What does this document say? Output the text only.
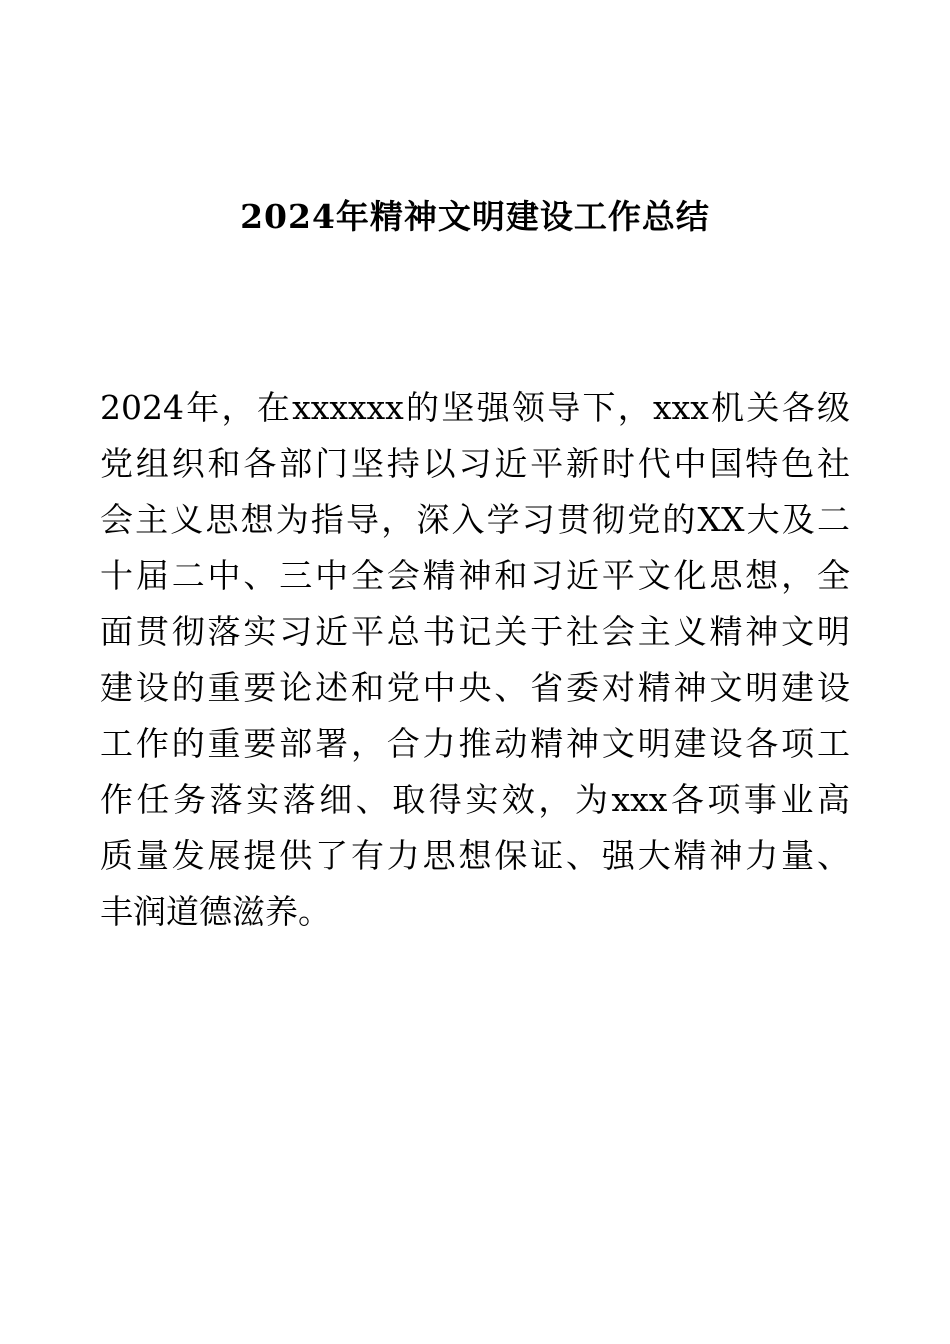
2024年精神文明建设工作总结
2024年，在xxxxxx的坚强领导下，xxx机关各级
党组织和各部门坚持以习近平新时代中国特色社
会主义思想为指导，深入学习贯彻党的XX大及二
十届二中、三中全会精神和习近平文化思想，全
面贯彻落实习近平总书记关于社会主义精神文明
建设的重要论述和党中央、省委对精神文明建设
工作的重要部署，合力推动精神文明建设各项工
作任务落实落细、取得实效，为xxx各项事业高
质量发展提供了有力思想保证、强大精神力量、
丰润道德滋养。
